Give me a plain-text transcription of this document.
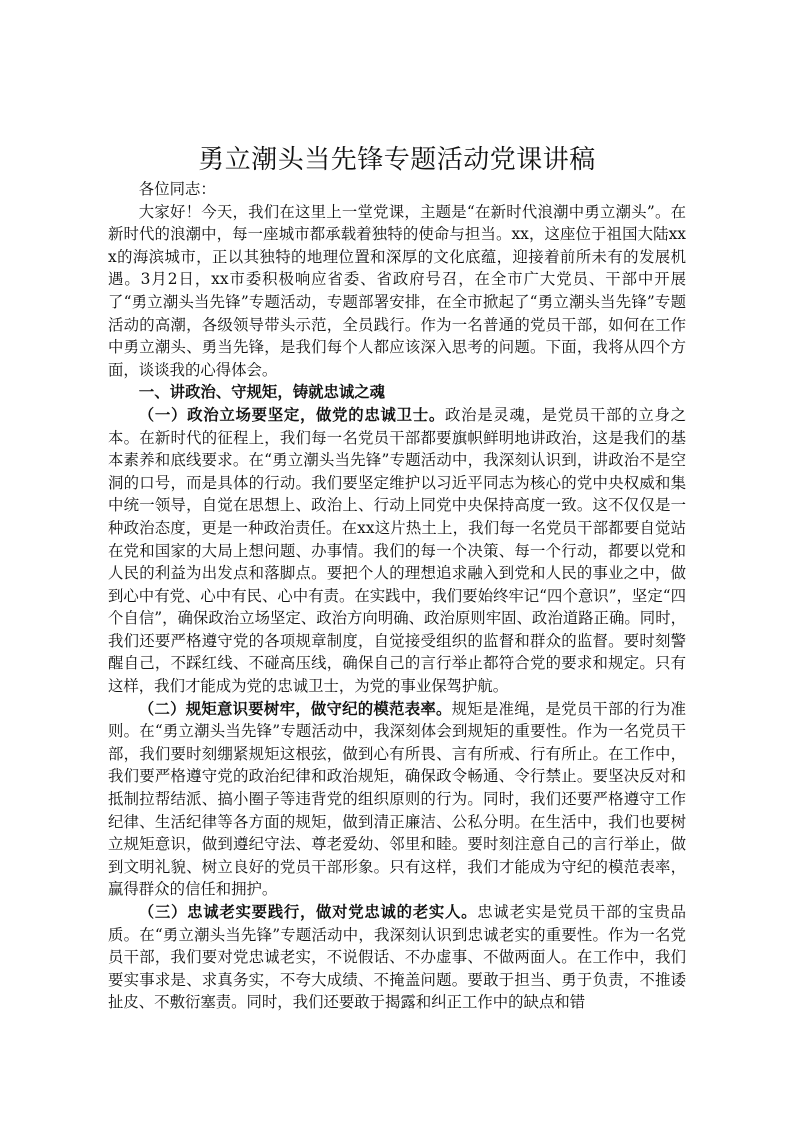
勇立潮头当先锋专题活动党课讲稿

各位同志：

大家好！今天，我们在这里上一堂党课，主题是“在新时代浪潮中勇立潮头”。在新时代的浪潮中，每一座城市都承载着独特的使命与担当。xx，这座位于祖国大陆xxx的海滨城市，正以其独特的地理位置和深厚的文化底蕴，迎接着前所未有的发展机遇。3月2日，xx市委积极响应省委、省政府号召，在全市广大党员、干部中开展了“勇立潮头当先锋”专题活动，专题部署安排，在全市掀起了“勇立潮头当先锋”专题活动的高潮，各级领导带头示范，全员践行。作为一名普通的党员干部，如何在工作中勇立潮头、勇当先锋，是我们每个人都应该深入思考的问题。下面，我将从四个方面，谈谈我的心得体会。

一、讲政治、守规矩，铸就忠诚之魂

（一）政治立场要坚定，做党的忠诚卫士。政治是灵魂，是党员干部的立身之本。在新时代的征程上，我们每一名党员干部都要旗帜鲜明地讲政治，这是我们的基本素养和底线要求。在“勇立潮头当先锋”专题活动中，我深刻认识到，讲政治不是空洞的口号，而是具体的行动。我们要坚定维护以习近平同志为核心的党中央权威和集中统一领导，自觉在思想上、政治上、行动上同党中央保持高度一致。这不仅仅是一种政治态度，更是一种政治责任。在xx这片热土上，我们每一名党员干部都要自觉站在党和国家的大局上想问题、办事情。我们的每一个决策、每一个行动，都要以党和人民的利益为出发点和落脚点。要把个人的理想追求融入到党和人民的事业之中，做到心中有党、心中有民、心中有责。在实践中，我们要始终牢记“四个意识”，坚定“四个自信”，确保政治立场坚定、政治方向明确、政治原则牢固、政治道路正确。同时，我们还要严格遵守党的各项规章制度，自觉接受组织的监督和群众的监督。要时刻警醒自己，不踩红线、不碰高压线，确保自己的言行举止都符合党的要求和规定。只有这样，我们才能成为党的忠诚卫士，为党的事业保驾护航。

（二）规矩意识要树牢，做守纪的模范表率。规矩是准绳，是党员干部的行为准则。在“勇立潮头当先锋”专题活动中，我深刻体会到规矩的重要性。作为一名党员干部，我们要时刻绷紧规矩这根弦，做到心有所畏、言有所戒、行有所止。在工作中，我们要严格遵守党的政治纪律和政治规矩，确保政令畅通、令行禁止。要坚决反对和抵制拉帮结派、搞小圈子等违背党的组织原则的行为。同时，我们还要严格遵守工作纪律、生活纪律等各方面的规矩，做到清正廉洁、公私分明。在生活中，我们也要树立规矩意识，做到遵纪守法、尊老爱幼、邻里和睦。要时刻注意自己的言行举止，做到文明礼貌、树立良好的党员干部形象。只有这样，我们才能成为守纪的模范表率，赢得群众的信任和拥护。

（三）忠诚老实要践行，做对党忠诚的老实人。忠诚老实是党员干部的宝贵品质。在“勇立潮头当先锋”专题活动中，我深刻认识到忠诚老实的重要性。作为一名党员干部，我们要对党忠诚老实，不说假话、不办虚事、不做两面人。在工作中，我们要实事求是、求真务实，不夸大成绩、不掩盖问题。要敢于担当、勇于负责，不推诿扯皮、不敷衍塞责。同时，我们还要敢于揭露和纠正工作中的缺点和错
